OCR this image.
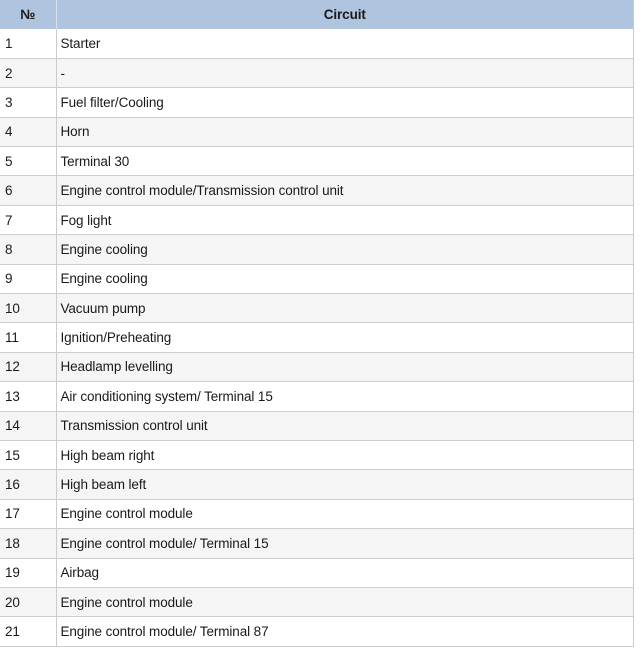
№	Circuit
1	Starter
2	-
3	Fuel filter/Cooling
4	Horn
5	Terminal 30
6	Engine control module/Transmission control unit
7	Fog light
8	Engine cooling
9	Engine cooling
10	Vacuum pump
11	Ignition/Preheating
12	Headlamp levelling
13	Air conditioning system/ Terminal 15
14	Transmission control unit
15	High beam right
16	High beam left
17	Engine control module
18	Engine control module/ Terminal 15
19	Airbag
20	Engine control module
21	Engine control module/ Terminal 87
